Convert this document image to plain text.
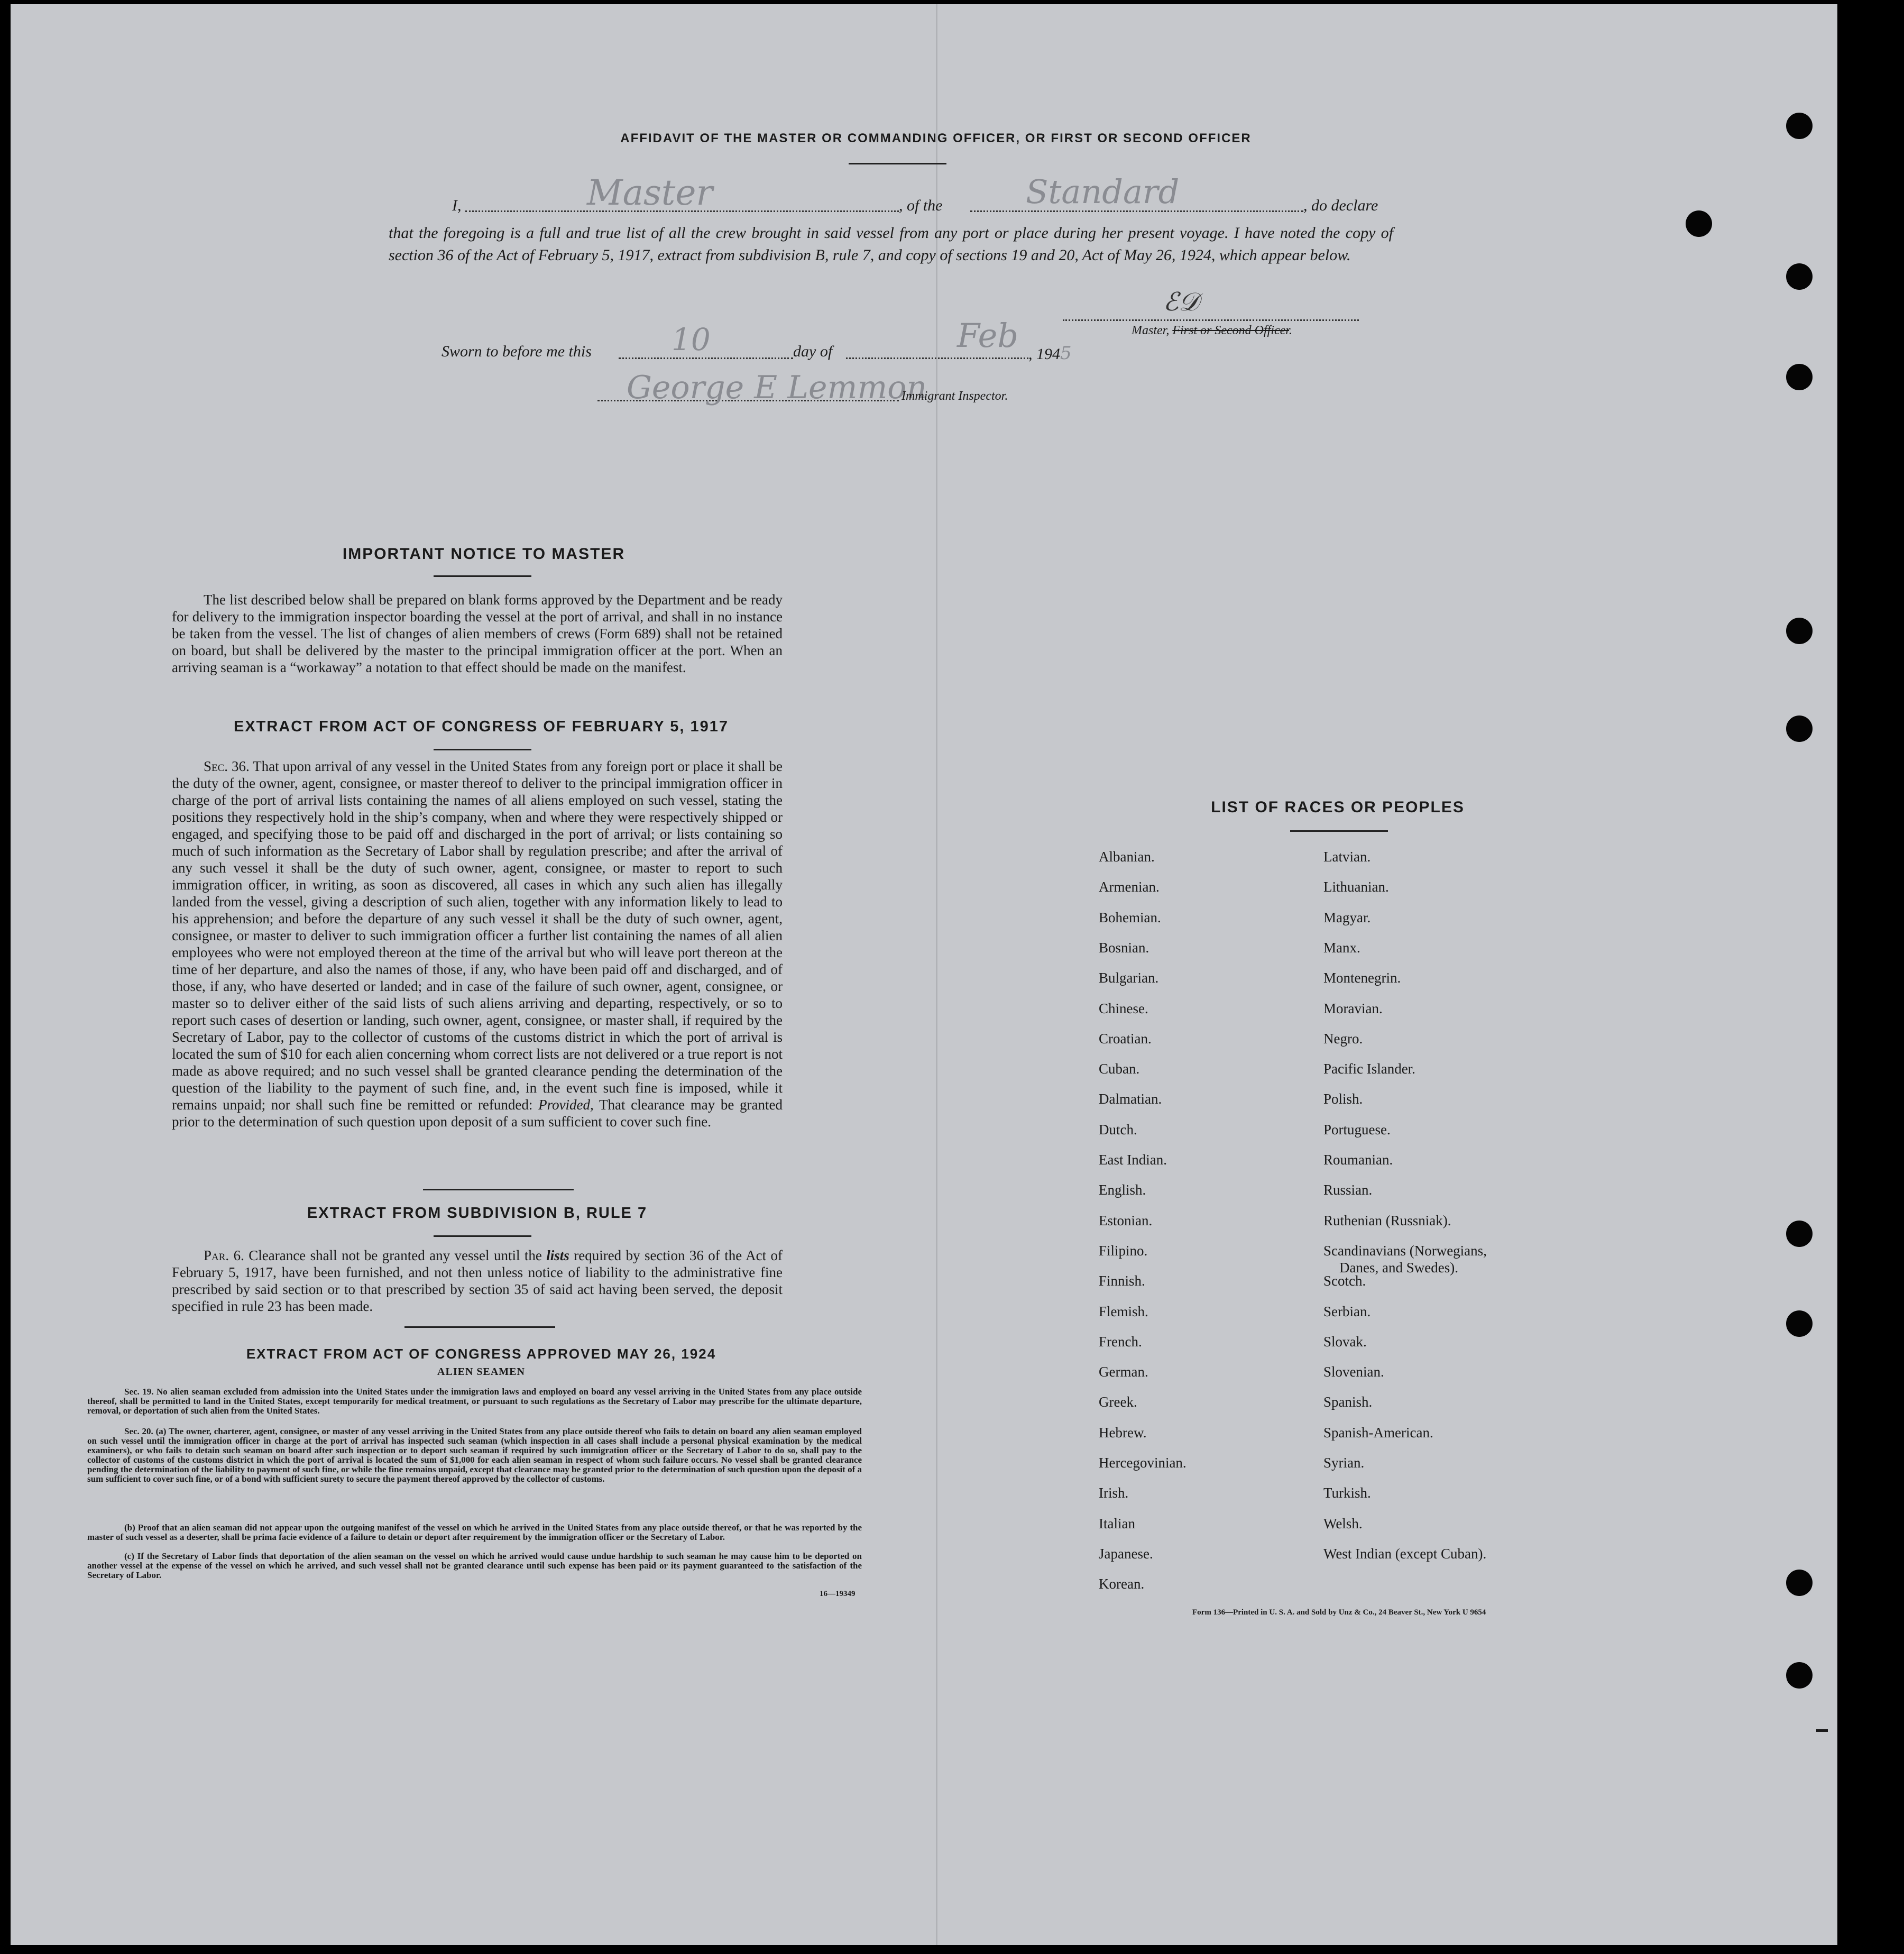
AFFIDAVIT OF THE MASTER OR COMMANDING OFFICER, OR FIRST OR SECOND OFFICER
I,	Master	, of the	Standard	, do declare
that the foregoing is a full and true list of all the crew brought in said vessel from any port or place during her present voyage. I have noted the copy of section 36 of the Act of February 5, 1917, extract from subdivision B, rule 7, and copy of sections 19 and 20, Act of May 26, 1924, which appear below.
ℰ𝒟
Master, First or Second Officer.
Sworn to before me this	10	day of	Feb , 1945
George E Lemmon
Immigrant Inspector.
IMPORTANT NOTICE TO MASTER
The list described below shall be prepared on blank forms approved by the Department and be ready for delivery to the immigration inspector boarding the vessel at the port of arrival, and shall in no instance be taken from the vessel. The list of changes of alien members of crews (Form 689) shall not be retained on board, but shall be delivered by the master to the principal immigration officer at the port. When an arriving seaman is a “workaway” a notation to that effect should be made on the manifest.
EXTRACT FROM ACT OF CONGRESS OF FEBRUARY 5, 1917
Sec. 36. That upon arrival of any vessel in the United States from any foreign port or place it shall be the duty of the owner, agent, consignee, or master thereof to deliver to the principal immigration officer in charge of the port of arrival lists containing the names of all aliens employed on such vessel, stating the positions they respectively hold in the ship’s company, when and where they were respectively shipped or engaged, and specifying those to be paid off and discharged in the port of arrival; or lists containing so much of such information as the Secretary of Labor shall by regulation prescribe; and after the arrival of any such vessel it shall be the duty of such owner, agent, consignee, or master to report to such immigration officer, in writing, as soon as discovered, all cases in which any such alien has illegally landed from the vessel, giving a description of such alien, together with any information likely to lead to his apprehension; and before the departure of any such vessel it shall be the duty of such owner, agent, consignee, or master to deliver to such immigration officer a further list containing the names of all alien employees who were not employed thereon at the time of the arrival but who will leave port thereon at the time of her departure, and also the names of those, if any, who have been paid off and discharged, and of those, if any, who have deserted or landed; and in case of the failure of such owner, agent, consignee, or master so to deliver either of the said lists of such aliens arriving and departing, respectively, or so to report such cases of desertion or landing, such owner, agent, consignee, or master shall, if required by the Secretary of Labor, pay to the collector of customs of the customs district in which the port of arrival is located the sum of $10 for each alien concerning whom correct lists are not delivered or a true report is not made as above required; and no such vessel shall be granted clearance pending the determination of the question of the liability to the payment of such fine, and, in the event such fine is imposed, while it remains unpaid; nor shall such fine be remitted or refunded: Provided, That clearance may be granted prior to the determination of such question upon deposit of a sum sufficient to cover such fine.
EXTRACT FROM SUBDIVISION B, RULE 7
Par. 6. Clearance shall not be granted any vessel until the lists required by section 36 of the Act of February 5, 1917, have been furnished, and not then unless notice of liability to the administrative fine prescribed by said section or to that prescribed by section 35 of said act having been served, the deposit specified in rule 23 has been made.
EXTRACT FROM ACT OF CONGRESS APPROVED MAY 26, 1924
ALIEN SEAMEN
Sec. 19. No alien seaman excluded from admission into the United States under the immigration laws and employed on board any vessel arriving in the United States from any place outside thereof, shall be permitted to land in the United States, except temporarily for medical treatment, or pursuant to such regulations as the Secretary of Labor may prescribe for the ultimate departure, removal, or deportation of such alien from the United States.
Sec. 20. (a) The owner, charterer, agent, consignee, or master of any vessel arriving in the United States from any place outside thereof who fails to detain on board any alien seaman employed on such vessel until the immigration officer in charge at the port of arrival has inspected such seaman (which inspection in all cases shall include a personal physical examination by the medical examiners), or who fails to detain such seaman on board after such inspection or to deport such seaman if required by such immigration officer or the Secretary of Labor to do so, shall pay to the collector of customs of the customs district in which the port of arrival is located the sum of $1,000 for each alien seaman in respect of whom such failure occurs. No vessel shall be granted clearance pending the determination of the liability to payment of such fine, or while the fine remains unpaid, except that clearance may be granted prior to the determination of such question upon the deposit of a sum sufficient to cover such fine, or of a bond with sufficient surety to secure the payment thereof approved by the collector of customs.
(b) Proof that an alien seaman did not appear upon the outgoing manifest of the vessel on which he arrived in the United States from any place outside thereof, or that he was reported by the master of such vessel as a deserter, shall be prima facie evidence of a failure to detain or deport after requirement by the immigration officer or the Secretary of Labor.
(c) If the Secretary of Labor finds that deportation of the alien seaman on the vessel on which he arrived would cause undue hardship to such seaman he may cause him to be deported on another vessel at the expense of the vessel on which he arrived, and such vessel shall not be granted clearance until such expense has been paid or its payment guaranteed to the satisfaction of the Secretary of Labor.
16—19349
LIST OF RACES OR PEOPLES
Albanian.
Armenian.
Bohemian.
Bosnian.
Bulgarian.
Chinese.
Croatian.
Cuban.
Dalmatian.
Dutch.
East Indian.
English.
Estonian.
Filipino.
Finnish.
Flemish.
French.
German.
Greek.
Hebrew.
Hercegovinian.
Irish.
Italian
Japanese.
Korean.
Latvian.
Lithuanian.
Magyar.
Manx.
Montenegrin.
Moravian.
Negro.
Pacific Islander.
Polish.
Portuguese.
Roumanian.
Russian.
Ruthenian (Russniak).
Scandinavians (Norwegians,
Danes, and Swedes).
Scotch.
Serbian.
Slovak.
Slovenian.
Spanish.
Spanish-American.
Syrian.
Turkish.
Welsh.
West Indian (except Cuban).
Form 136—Printed in U. S. A. and Sold by Unz & Co., 24 Beaver St., New York U 9654
